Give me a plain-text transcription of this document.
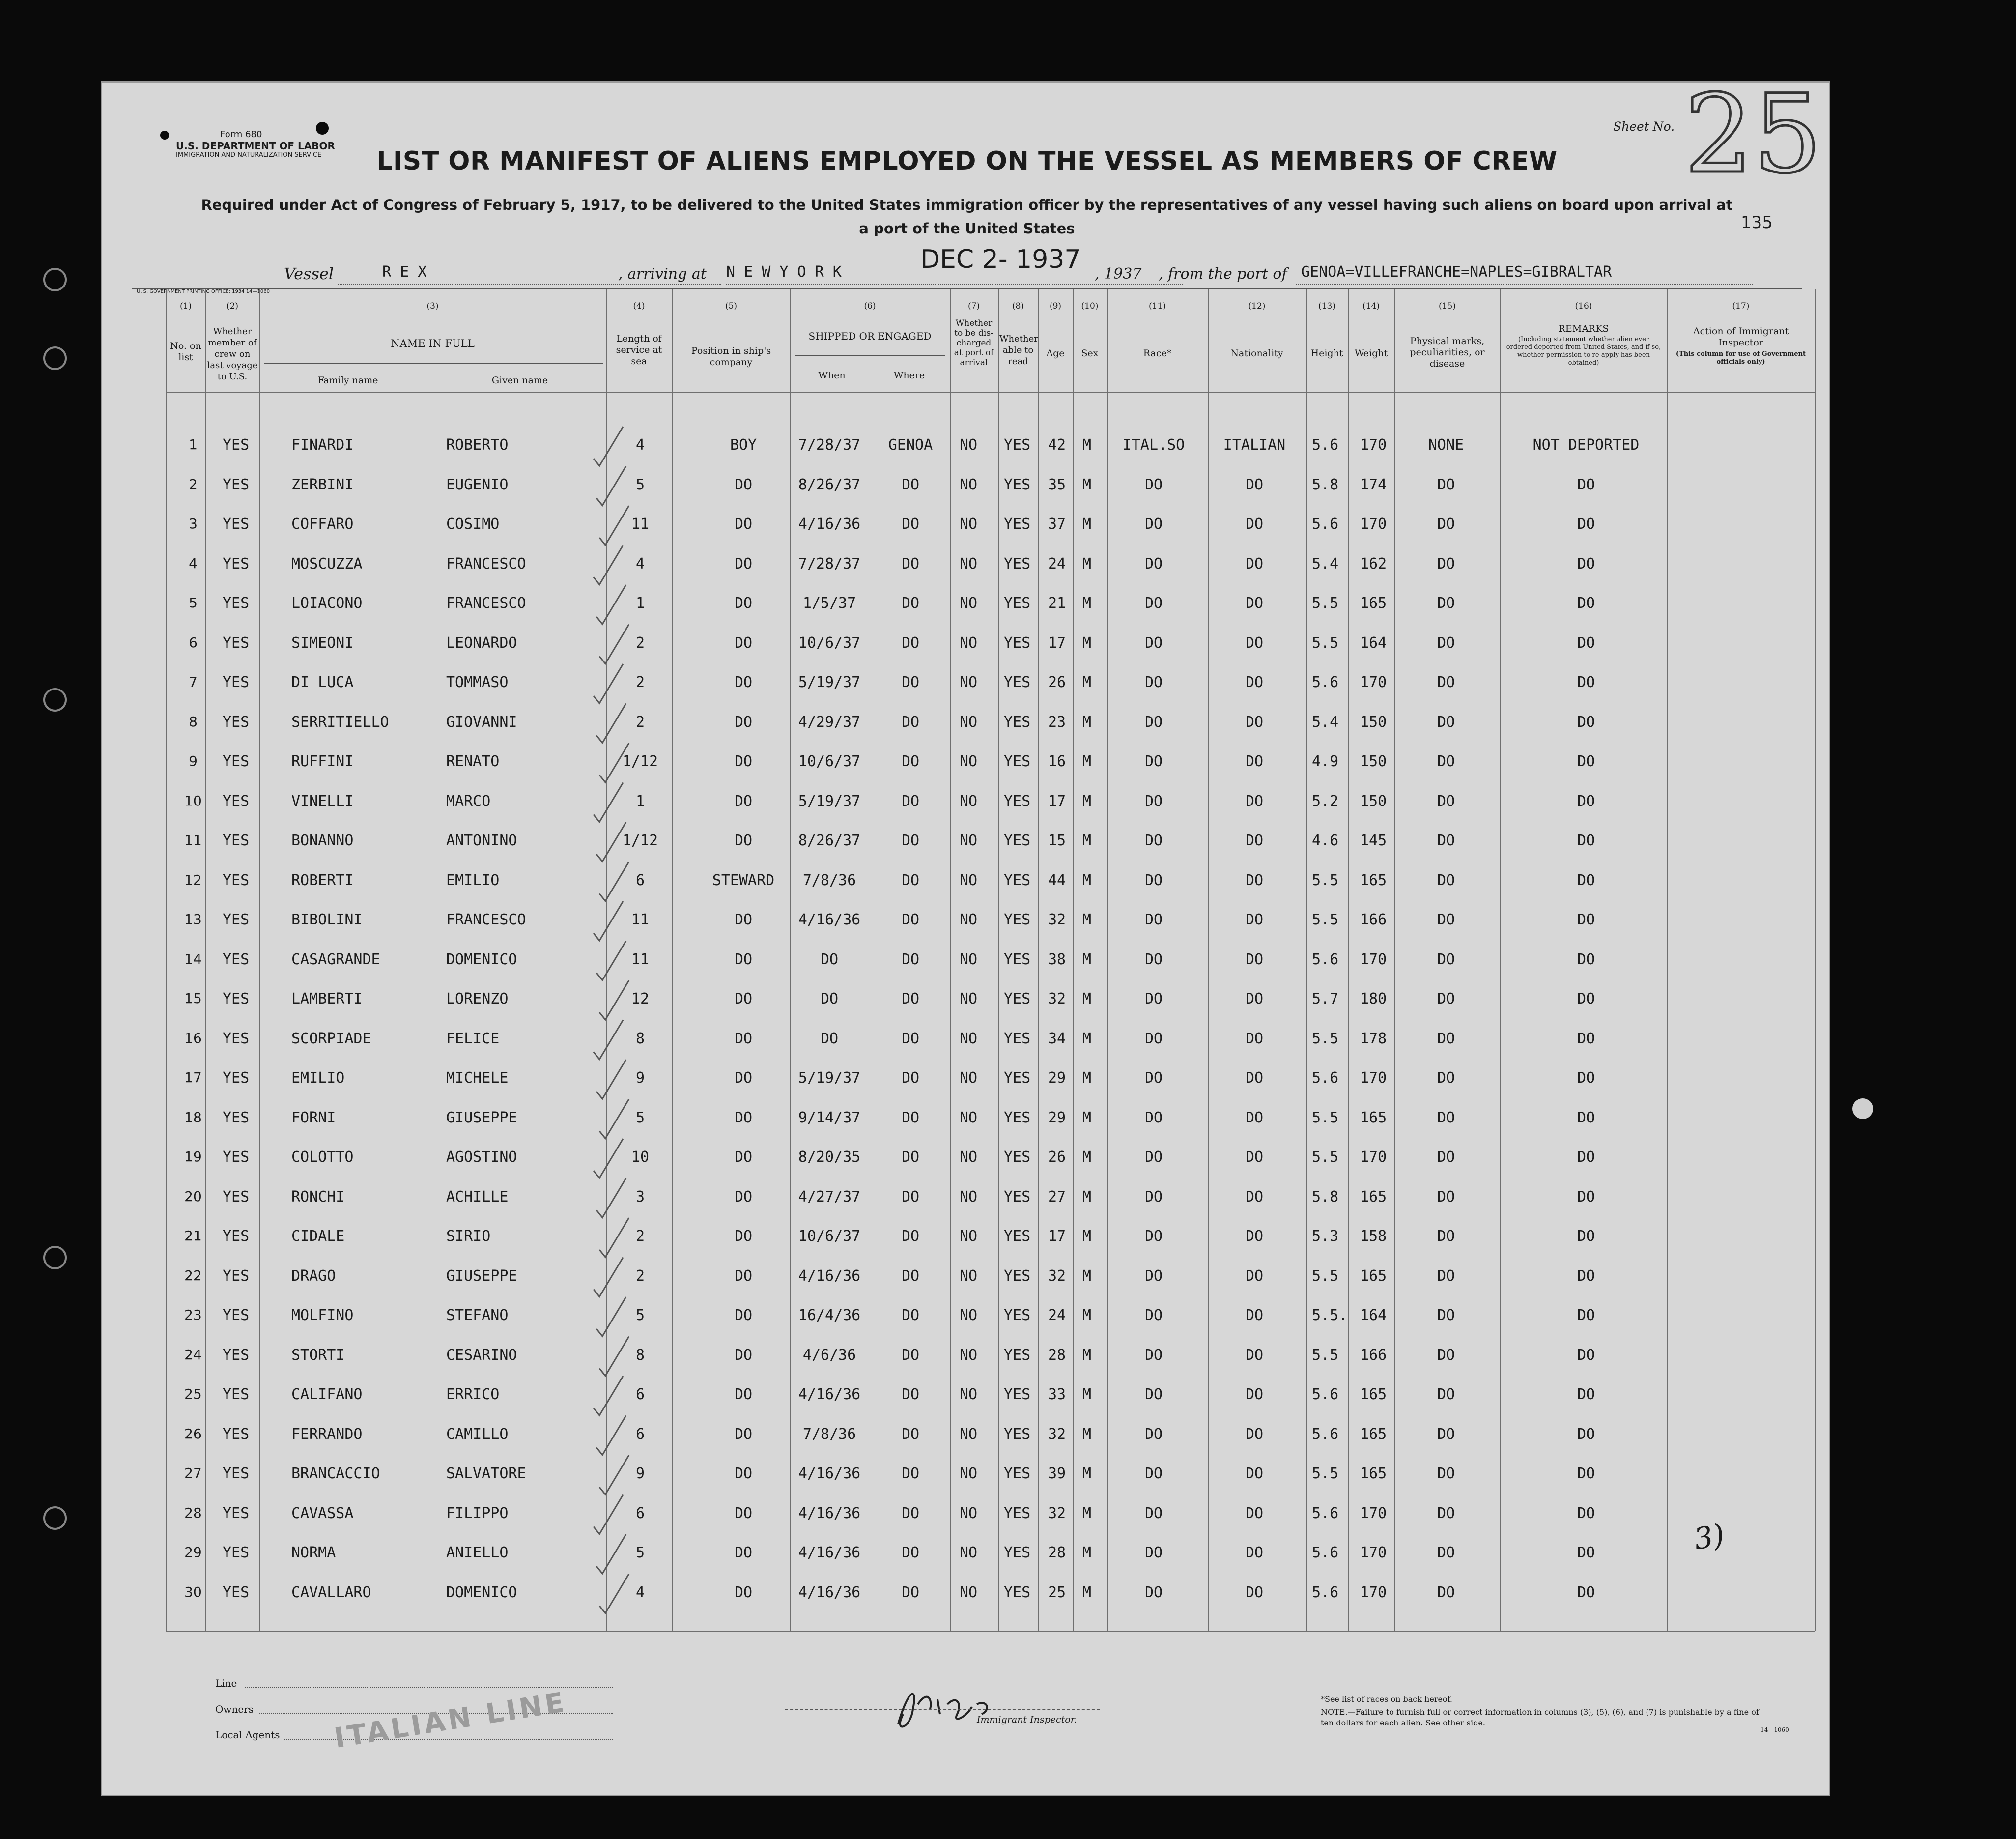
Form 680
U.S. DEPARTMENT OF LABOR
IMMIGRATION AND NATURALIZATION SERVICE
Sheet No. 25
135
LIST OR MANIFEST OF ALIENS EMPLOYED ON THE VESSEL AS MEMBERS OF CREW
Required under Act of Congress of February 5, 1917, to be delivered to the United States immigration officer by the representatives of any vessel having such aliens on board upon arrival at a port of the United States
Vessel	R E X	, arriving at N E W Y O R K	DEC 2- 1937 , 1937 , from the port of GENOA=VILLEFRANCHE=NAPLES=GIBRALTAR
U. S. GOVERNMENT PRINTING OFFICE: 1934 14—1060
(1)	(2)	(3)	(4)	(5)	(6)	(7)	(8)	(9)	(10)	(11)	(12)	(13)	(14)	(15)	(16)	(17)
No. on list
Whether member of crew on last voyage to U.S.
NAME IN FULL
Family name	Given name
Length of service at sea
Position in ship's company
SHIPPED OR ENGAGED
When	Where
Whether to be dis-charged at port of arrival
Whether able to read
Age	Sex	Race*	Nationality	Height	Weight
Physical marks, peculiarities, or disease
REMARKS
(Including statement whether alien ever ordered deported from United States, and if so, whether permission to re-apply has been obtained)
Action of Immigrant Inspector
(This column for use of Government officials only)
1	YES	FINARDI	ROBERTO	4	BOY	7/28/37	GENOA	NO YES 42 M	ITAL.SO	ITALIAN	5.6 170	NONE	NOT DEPORTED
2	YES	ZERBINI	EUGENIO	5	DO	8/26/37	DO	NO YES 35 M	DO	DO	5.8 174	DO	DO
3	YES	COFFARO	COSIMO	11	DO	4/16/36	DO	NO YES 37 M	DO	DO	5.6 170	DO	DO
4	YES	MOSCUZZA	FRANCESCO	4	DO	7/28/37	DO	NO YES 24 M	DO	DO	5.4 162	DO	DO
5	YES	LOIACONO	FRANCESCO	1	DO	1/5/37	DO	NO YES 21 M	DO	DO	5.5 165	DO	DO
6	YES	SIMEONI	LEONARDO	2	DO	10/6/37	DO	NO YES 17 M	DO	DO	5.5 164	DO	DO
7	YES	DI LUCA	TOMMASO	2	DO	5/19/37	DO	NO YES 26 M	DO	DO	5.6 170	DO	DO
8	YES	SERRITIELLO	GIOVANNI	2	DO	4/29/37	DO	NO YES 23 M	DO	DO	5.4 150	DO	DO
9	YES	RUFFINI	RENATO	1/12	DO	10/6/37	DO	NO YES 16 M	DO	DO	4.9 150	DO	DO
10 YES	VINELLI	MARCO	1	DO	5/19/37	DO	NO YES 17 M	DO	DO	5.2 150	DO	DO
11 YES	BONANNO	ANTONINO	1/12	DO	8/26/37	DO	NO YES 15 M	DO	DO	4.6 145	DO	DO
12 YES	ROBERTI	EMILIO	6	STEWARD	7/8/36	DO	NO YES 44 M	DO	DO	5.5 165	DO	DO
13 YES	BIBOLINI	FRANCESCO	11	DO	4/16/36	DO	NO YES 32 M	DO	DO	5.5 166	DO	DO
14 YES	CASAGRANDE	DOMENICO	11	DO	DO	DO	NO YES 38 M	DO	DO	5.6 170	DO	DO
15 YES	LAMBERTI	LORENZO	12	DO	DO	DO	NO YES 32 M	DO	DO	5.7 180	DO	DO
16 YES	SCORPIADE	FELICE	8	DO	DO	DO	NO YES 34 M	DO	DO	5.5 178	DO	DO
17 YES	EMILIO	MICHELE	9	DO	5/19/37	DO	NO YES 29 M	DO	DO	5.6 170	DO	DO
18 YES	FORNI	GIUSEPPE	5	DO	9/14/37	DO	NO YES 29 M	DO	DO	5.5 165	DO	DO
19 YES	COLOTTO	AGOSTINO	10	DO	8/20/35	DO	NO YES 26 M	DO	DO	5.5 170	DO	DO
20 YES	RONCHI	ACHILLE	3	DO	4/27/37	DO	NO YES 27 M	DO	DO	5.8 165	DO	DO
21 YES	CIDALE	SIRIO	2	DO	10/6/37	DO	NO YES 17 M	DO	DO	5.3 158	DO	DO
22 YES	DRAGO	GIUSEPPE	2	DO	4/16/36	DO	NO YES 32 M	DO	DO	5.5 165	DO	DO
23 YES	MOLFINO	STEFANO	5	DO	16/4/36	DO	NO YES 24 M	DO	DO	5.5. 164	DO	DO
24 YES	STORTI	CESARINO	8	DO	4/6/36	DO	NO YES 28 M	DO	DO	5.5 166	DO	DO
25 YES	CALIFANO	ERRICO	6	DO	4/16/36	DO	NO YES 33 M	DO	DO	5.6 165	DO	DO
26 YES	FERRANDO	CAMILLO	6	DO	7/8/36	DO	NO YES 32 M	DO	DO	5.6 165	DO	DO
27 YES	BRANCACCIO	SALVATORE	9	DO	4/16/36	DO	NO YES 39 M	DO	DO	5.5 165	DO	DO
28 YES	CAVASSA	FILIPPO	6	DO	4/16/36	DO	NO YES 32 M	DO	DO	5.6 170	DO	DO
29 YES	NORMA	ANIELLO	5	DO	4/16/36	DO	NO YES 28 M	DO	DO	5.6 170	DO	DO
30 YES	CAVALLARO	DOMENICO	4	DO	4/16/36	DO	NO YES 25 M	DO	DO	5.6 170	DO	DO
Line
Owners
Local Agents ITALIAN LINE	Immigrant Inspector.
*See list of races on back hereof.
NOTE.—Failure to furnish full or correct information in columns (3), (5), (6), and (7) is punishable by a fine of ten dollars for each alien. See other side.
14—1060
3)
